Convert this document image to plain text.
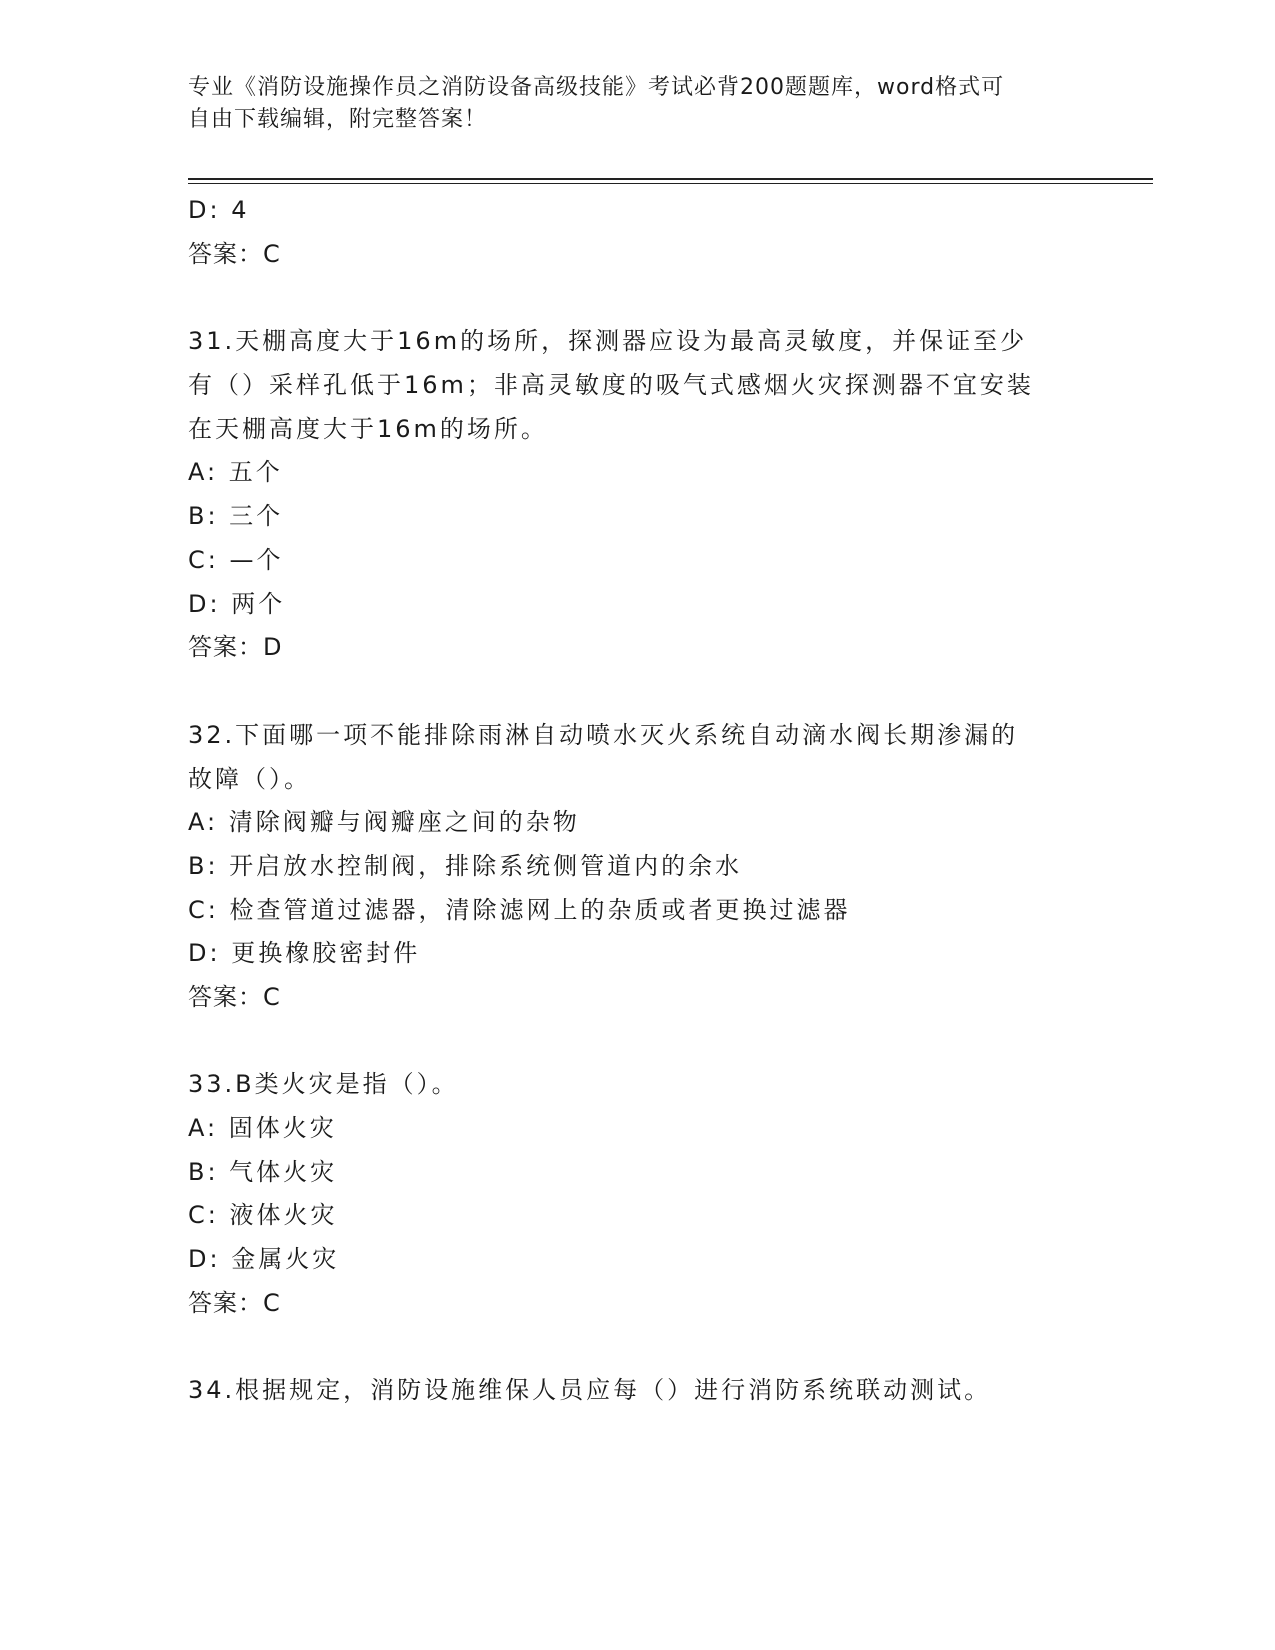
专业《消防设施操作员之消防设备高级技能》考试必背200题题库，word格式可
自由下载编辑，附完整答案！
D: 4
答案：C
31.天棚高度大于16m的场所，探测器应设为最高灵敏度，并保证至少
有（）采样孔低于16m；非高灵敏度的吸气式感烟火灾探测器不宜安装
在天棚高度大于16m的场所。
A: 五个
B: 三个
C: —个
D: 两个
答案：D
32.下面哪一项不能排除雨淋自动喷水灭火系统自动滴水阀长期渗漏的
故障（）。
A: 清除阀瓣与阀瓣座之间的杂物
B: 开启放水控制阀，排除系统侧管道内的余水
C: 检查管道过滤器，清除滤网上的杂质或者更换过滤器
D: 更换橡胶密封件
答案：C
33.B类火灾是指（）。
A: 固体火灾
B: 气体火灾
C: 液体火灾
D: 金属火灾
答案：C
34.根据规定，消防设施维保人员应每（）进行消防系统联动测试。
